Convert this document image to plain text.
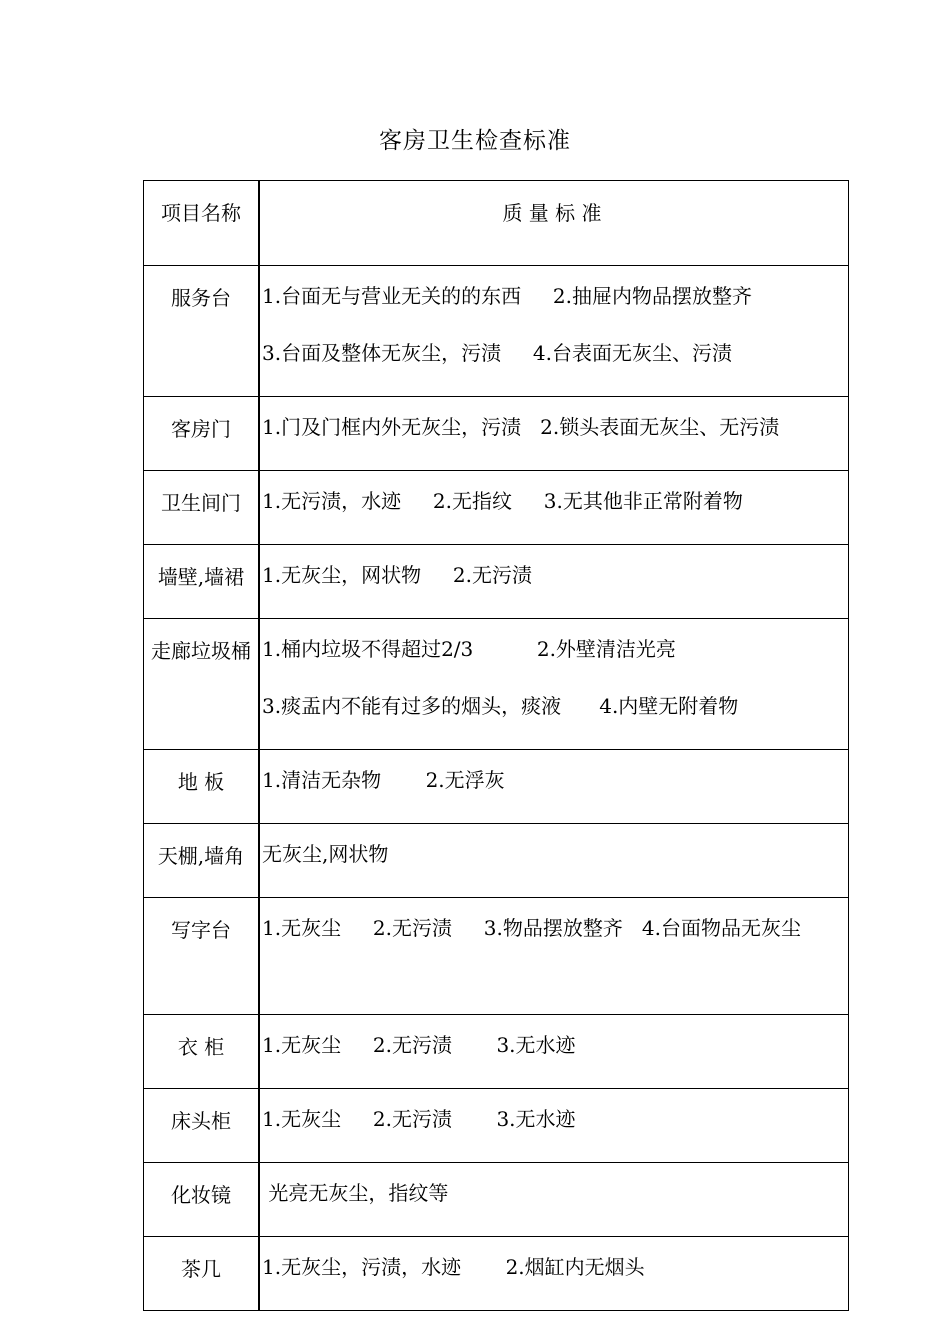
客房卫生检查标准
项目名称	质 量 标 准
服务台	1.台面无与营业无关的的东西     2.抽屉内物品摆放整齐
3.台面及整体无灰尘，污渍     4.台表面无灰尘、污渍

客房门	1.门及门框内外无灰尘，污渍   2.锁头表面无灰尘、无污渍

卫生间门	1.无污渍，水迹     2.无指纹     3.无其他非正常附着物

墙壁,墙裙	1.无灰尘，网状物     2.无污渍

走廊垃圾桶	1.桶内垃圾不得超过2/3          2.外壁清洁光亮
3.痰盂内不能有过多的烟头，痰液      4.内壁无附着物

地 板	1.清洁无杂物       2.无浮灰

天棚,墙角	无灰尘,网状物

写字台	1.无灰尘     2.无污渍     3.物品摆放整齐   4.台面物品无灰尘

衣 柜	1.无灰尘     2.无污渍       3.无水迹

床头柜	1.无灰尘     2.无污渍       3.无水迹

化妆镜	光亮无灰尘，指纹等

茶几	1.无灰尘，污渍，水迹       2.烟缸内无烟头
